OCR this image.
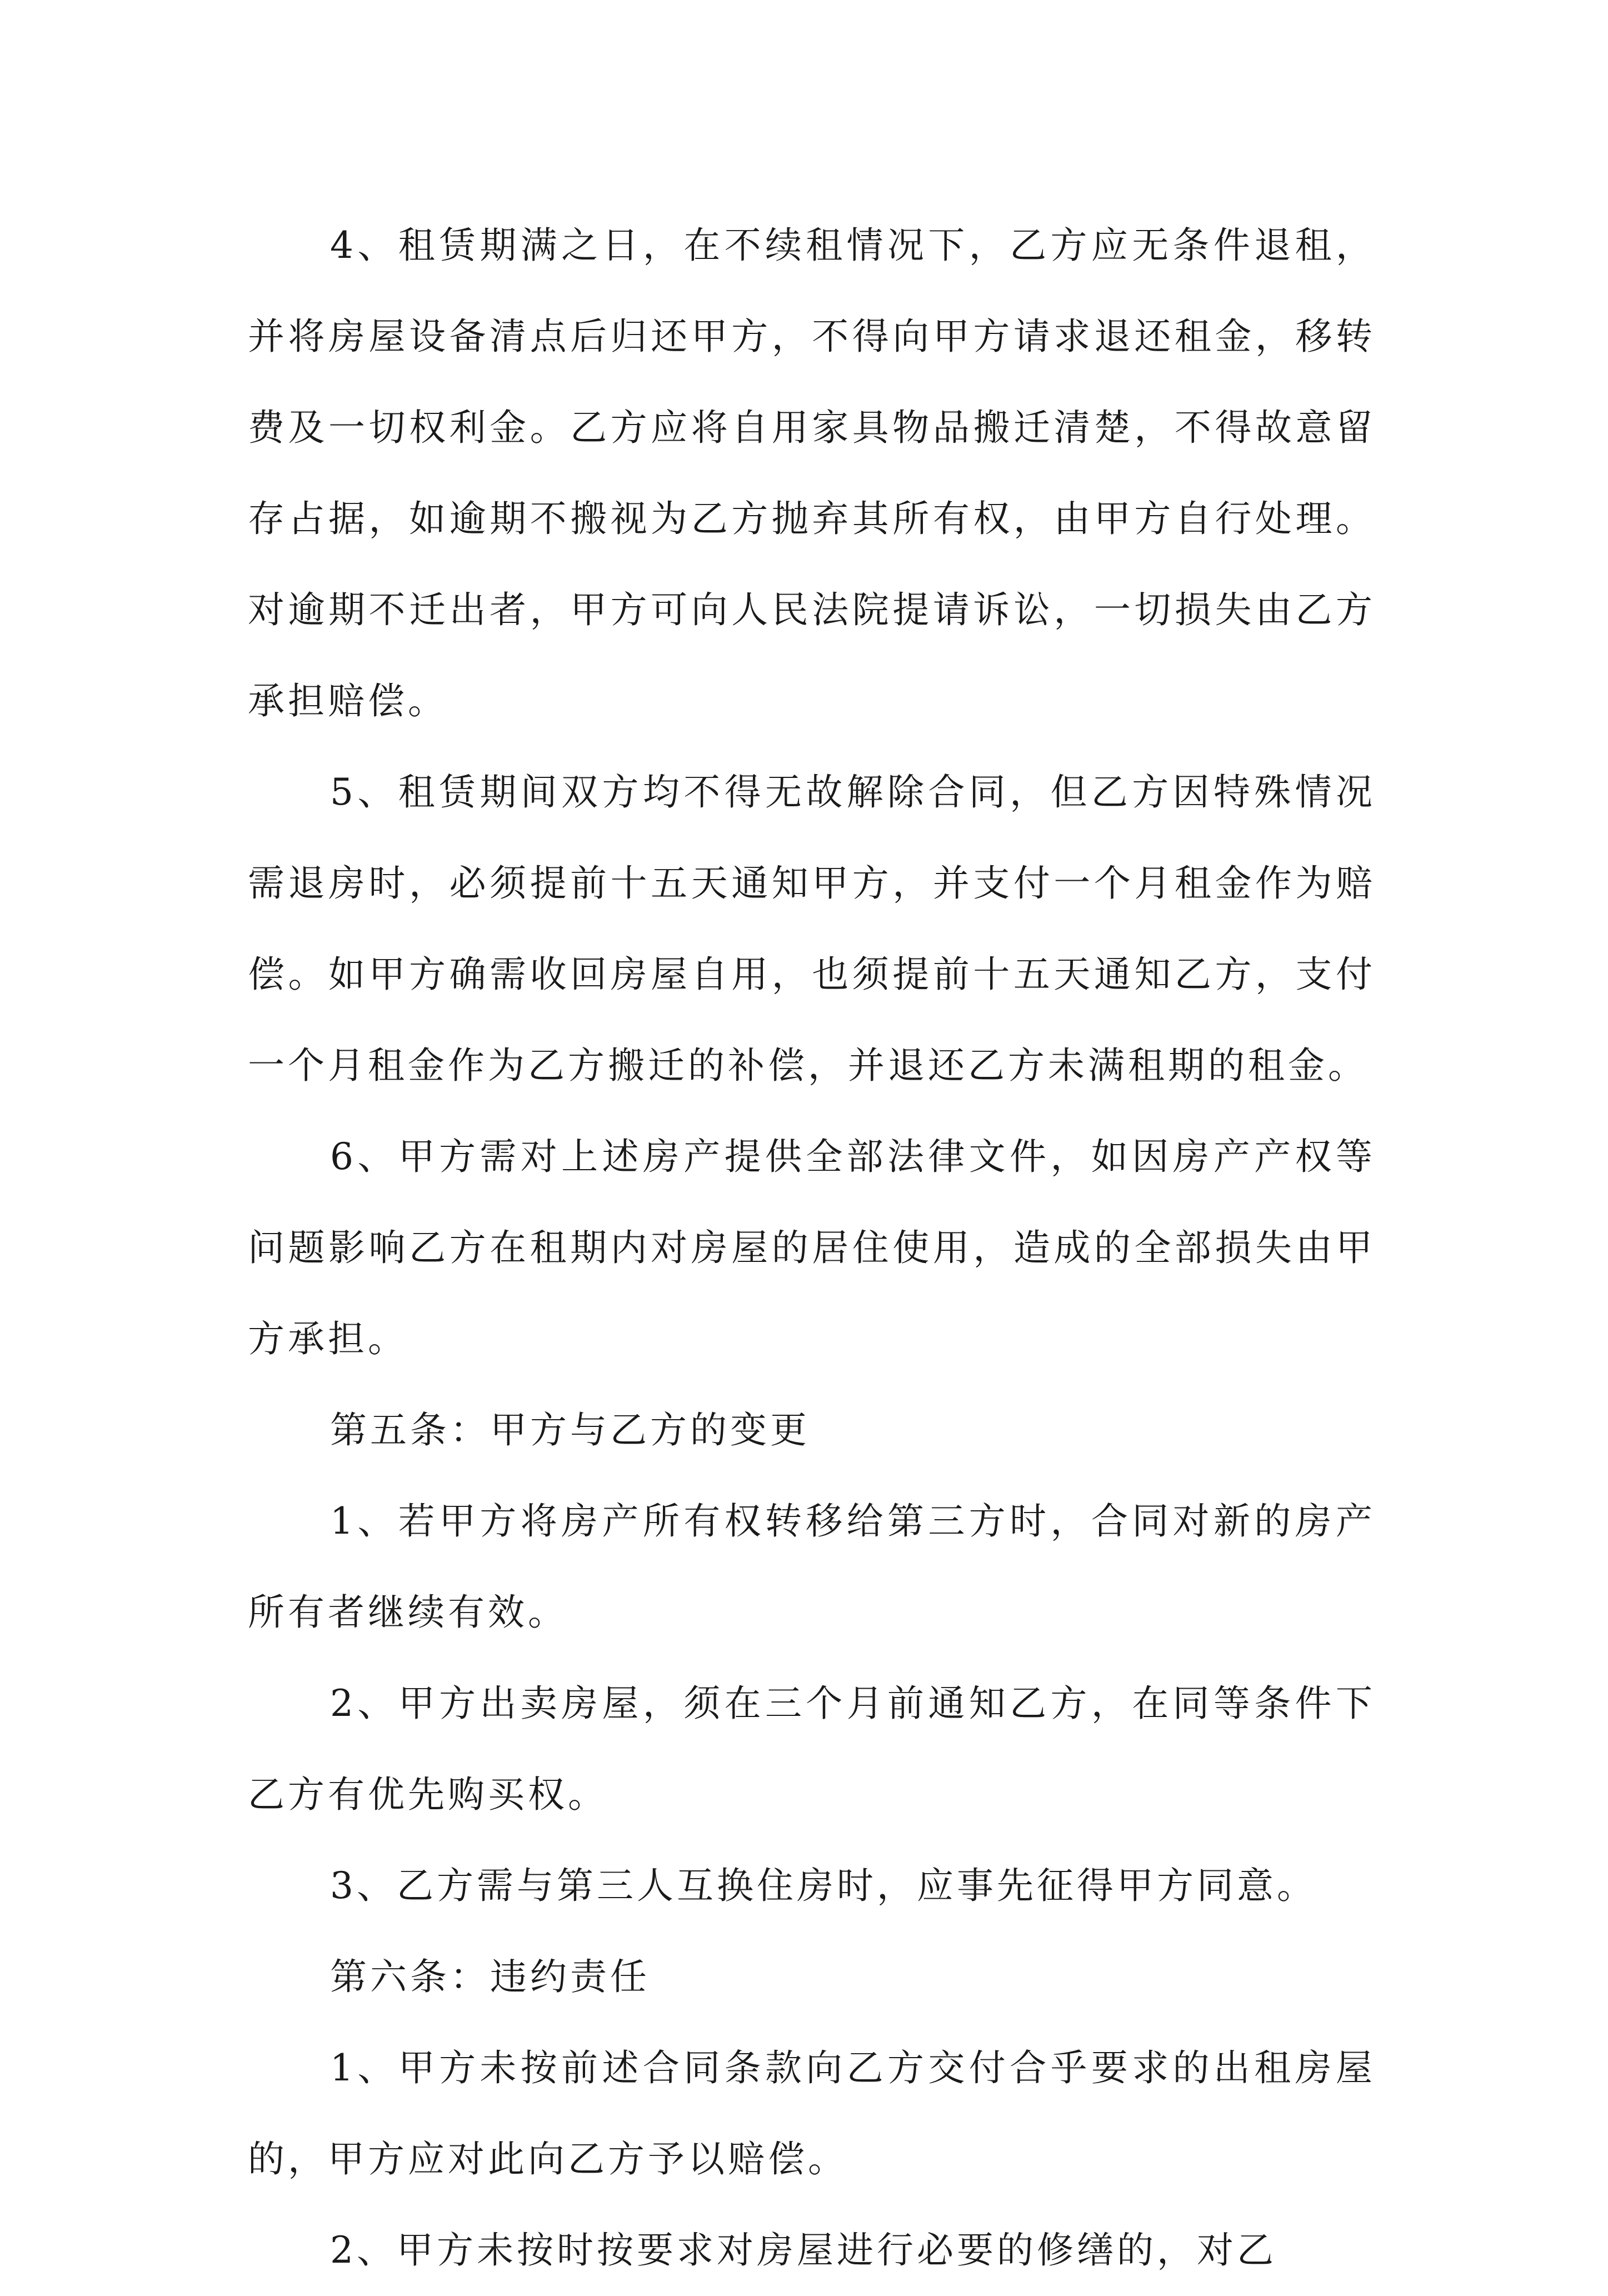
4、租赁期满之日，在不续租情况下，乙方应无条件退租，并将房屋设备清点后归还甲方，不得向甲方请求退还租金，移转费及一切权利金。乙方应将自用家具物品搬迁清楚，不得故意留存占据，如逾期不搬视为乙方抛弃其所有权，由甲方自行处理。对逾期不迁出者，甲方可向人民法院提请诉讼，一切损失由乙方承担赔偿。

5、租赁期间双方均不得无故解除合同，但乙方因特殊情况需退房时，必须提前十五天通知甲方，并支付一个月租金作为赔偿。如甲方确需收回房屋自用，也须提前十五天通知乙方，支付一个月租金作为乙方搬迁的补偿，并退还乙方未满租期的租金。

6、甲方需对上述房产提供全部法律文件，如因房产产权等问题影响乙方在租期内对房屋的居住使用，造成的全部损失由甲方承担。

第五条：甲方与乙方的变更

1、若甲方将房产所有权转移给第三方时，合同对新的房产所有者继续有效。

2、甲方出卖房屋，须在三个月前通知乙方，在同等条件下乙方有优先购买权。

3、乙方需与第三人互换住房时，应事先征得甲方同意。

第六条：违约责任

1、甲方未按前述合同条款向乙方交付合乎要求的出租房屋的，甲方应对此向乙方予以赔偿。

2、甲方未按时按要求对房屋进行必要的修缮的，对乙
